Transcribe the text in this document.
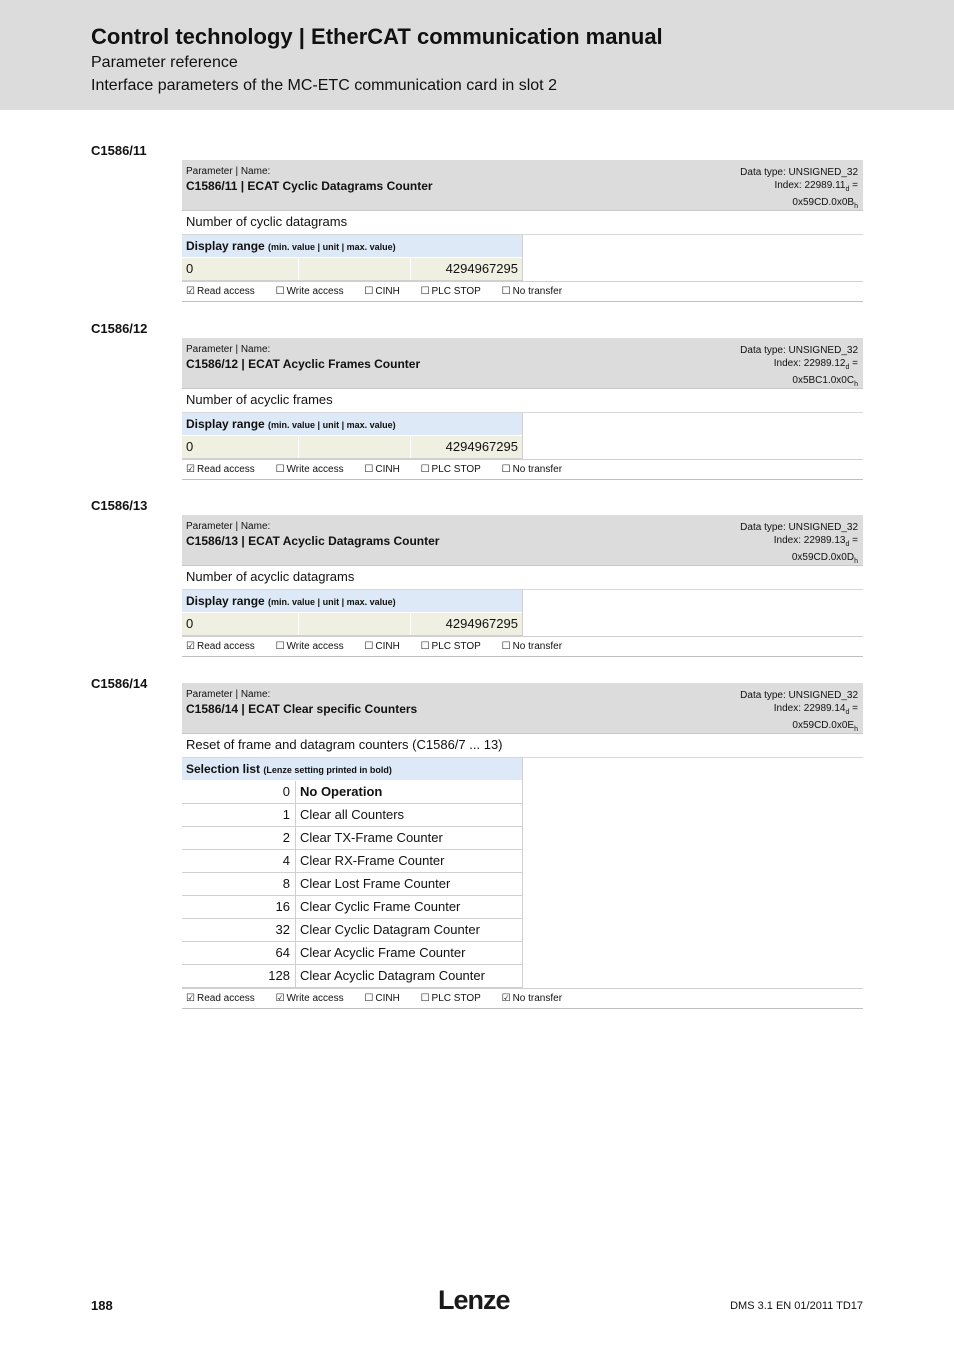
Control technology | EtherCAT communication manual
Parameter reference
Interface parameters of the MC-ETC communication card in slot 2
C1586/11
Parameter | Name:
C1586/11 | ECAT Cyclic Datagrams Counter
Data type: UNSIGNED_32
Index: $22989.11_d$ =
$0x59CD.0x0B_h$
Number of cyclic datagrams
Display range (min. value | unit | max. value)
0	4294967295
☑ Read access ☐ Write access ☐ CINH ☐ PLC STOP ☐ No transfer
C1586/12
Parameter | Name:
C1586/12 | ECAT Acyclic Frames Counter
Data type: UNSIGNED_32
Index: $22989.12_d$ =
$0x5BC1.0x0C_h$
Number of acyclic frames
Display range (min. value | unit | max. value)
0	4294967295
☑ Read access ☐ Write access ☐ CINH ☐ PLC STOP ☐ No transfer
C1586/13
Parameter | Name:
C1586/13 | ECAT Acyclic Datagrams Counter
Data type: UNSIGNED_32
Index: $22989.13_d$ =
$0x59CD.0x0D_h$
Number of acyclic datagrams
Display range (min. value | unit | max. value)
0	4294967295
☑ Read access ☐ Write access ☐ CINH ☐ PLC STOP ☐ No transfer
C1586/14
Parameter | Name:
C1586/14 | ECAT Clear specific Counters
Data type: UNSIGNED_32
Index: $22989.14_d$ =
$0x59CD.0x0E_h$
Reset of frame and datagram counters (C1586/7 ... 13)
Selection list (Lenze setting printed in bold)
0 No Operation
1 Clear all Counters
2 Clear TX-Frame Counter
4 Clear RX-Frame Counter
8 Clear Lost Frame Counter
16 Clear Cyclic Frame Counter
32 Clear Cyclic Datagram Counter
64 Clear Acyclic Frame Counter
128 Clear Acyclic Datagram Counter
☑ Read access ☑ Write access ☐ CINH ☐ PLC STOP ☑ No transfer
188	Lenze	DMS 3.1 EN 01/2011 TD17
